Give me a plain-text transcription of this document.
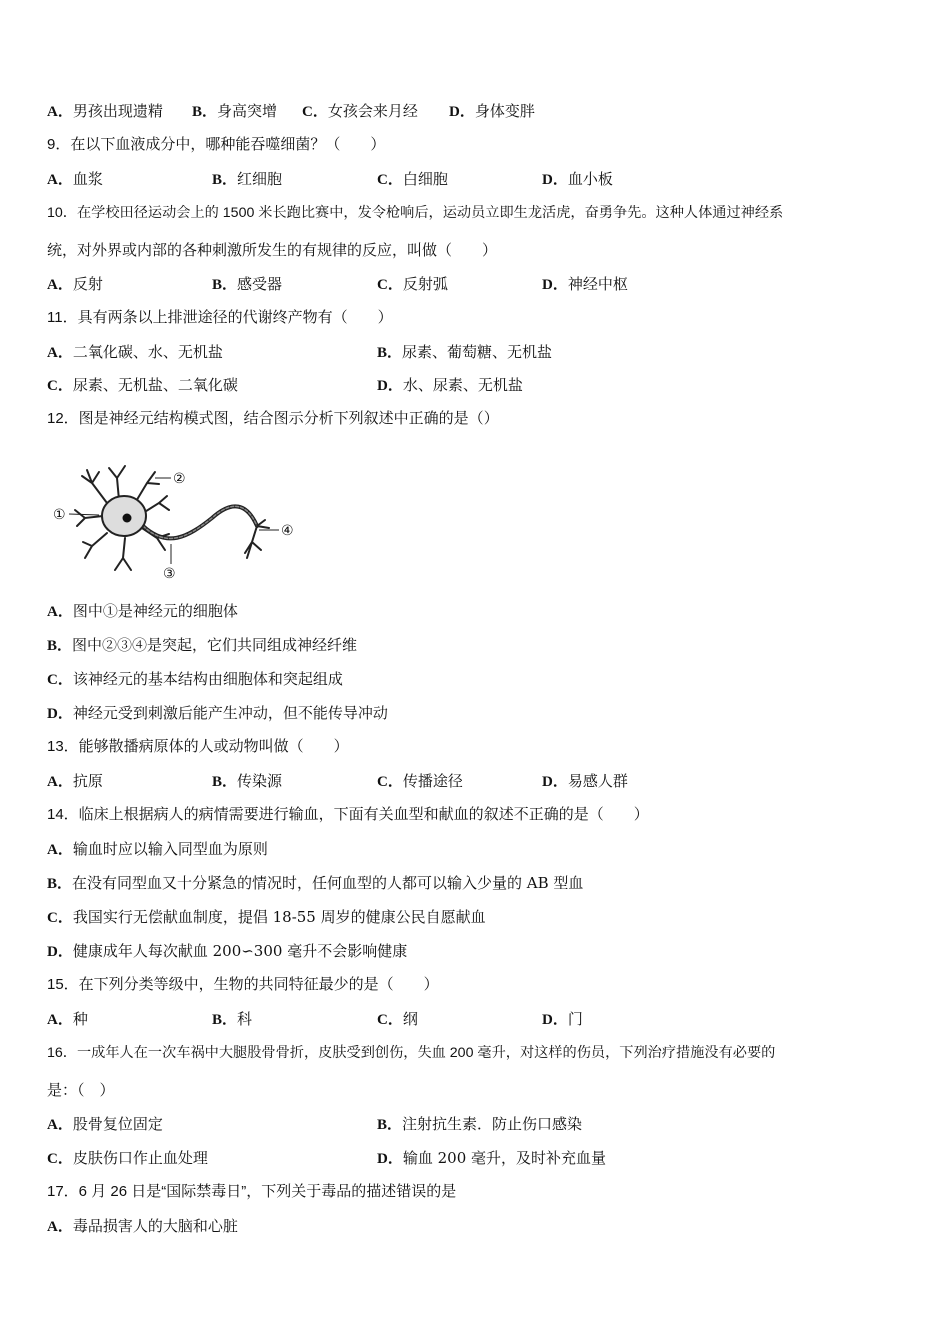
A．男孩出现遗精 B．身高突增 C．女孩会来月经 D．身体变胖
9．在以下血液成分中，哪种能吞噬细菌？（　　）
A．血浆	B．红细胞	C．白细胞	D．血小板
10．在学校田径运动会上的 1500 米长跑比赛中，发令枪响后，运动员立即生龙活虎，奋勇争先。这种人体通过神经系
统，对外界或内部的各种刺激所发生的有规律的反应，叫做（　　）
A．反射	B．感受器	C．反射弧	D．神经中枢
11．具有两条以上排泄途径的代谢终产物有（　　）
A．二氧化碳、水、无机盐	B．尿素、葡萄糖、无机盐
C．尿素、无机盐、二氧化碳	D．水、尿素、无机盐
12．图是神经元结构模式图，结合图示分析下列叙述中正确的是（）
①
②
③
④
A．图中①是神经元的细胞体
B．图中②③④是突起，它们共同组成神经纤维
C．该神经元的基本结构由细胞体和突起组成
D．神经元受到刺激后能产生冲动，但不能传导冲动
13．能够散播病原体的人或动物叫做（　　）
A．抗原	B．传染源	C．传播途径	D．易感人群
14．临床上根据病人的病情需要进行输血，下面有关血型和献血的叙述不正确的是（　　）
A．输血时应以输入同型血为原则
B．在没有同型血又十分紧急的情况时，任何血型的人都可以输入少量的 AB 型血
C．我国实行无偿献血制度，提倡 18-55 周岁的健康公民自愿献血
D．健康成年人每次献血 200∽300 毫升不会影响健康
15．在下列分类等级中，生物的共同特征最少的是（　　）
A．种	B．科	C．纲	D．门
16．一成年人在一次车祸中大腿股骨骨折，皮肤受到创伤，失血 200 毫升，对这样的伤员，下列治疗措施没有必要的
是：（　）
A．股骨复位固定	B．注射抗生素．防止伤口感染
C．皮肤伤口作止血处理	D．输血 200 毫升，及时补充血量
17．6 月 26 日是“国际禁毒日”，下列关于毒品的描述错误的是
A．毒品损害人的大脑和心脏
